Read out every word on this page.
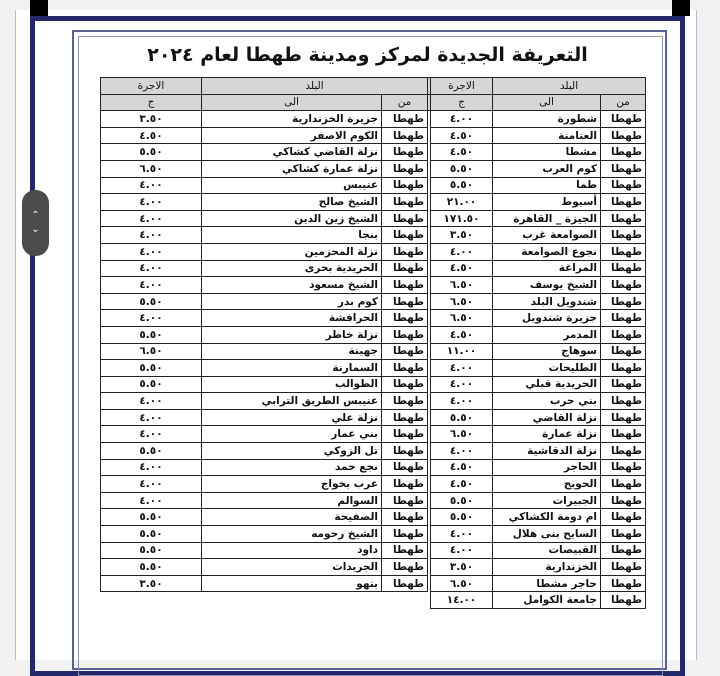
⌃
⌄
التعريفة الجديدة لمركز ومدينة طهطا لعام ٢٠٢٤
البلد		الاجرة		البلد		الاجرة
من	الى	ج		من	الى	ج
طهطا	شطورة	٤.٠٠		طهطا	جزيرة الخزندارية	٣.٥٠
طهطا	العتامنة	٤.٥٠		طهطا	الكوم الاصفر	٤.٥٠
طهطا	مشطا	٤.٥٠		طهطا	نزلة القاضي كشاكي	٥.٥٠
طهطا	كوم العرب	٥.٥٠		طهطا	نزلة عمارة كشاكي	٦.٥٠
طهطا	طما	٥.٥٠		طهطا	عنيبس	٤.٠٠
طهطا	أسيوط	٢١.٠٠		طهطا	الشيخ صالح	٤.٠٠
طهطا	الجيزة _ القاهرة	١٧١.٥٠		طهطا	الشيخ زين الدين	٤.٠٠
طهطا	الصوامعة غرب	٣.٥٠		طهطا	بنجا	٤.٠٠
طهطا	نجوع الصوامعة	٤.٠٠		طهطا	نزلة المحزمين	٤.٠٠
طهطا	المراغة	٤.٥٠		طهطا	الحريدية بحرى	٤.٠٠
طهطا	الشيخ يوسف	٦.٥٠		طهطا	الشيخ مسعود	٤.٠٠
طهطا	شندويل البلد	٦.٥٠		طهطا	كوم بدر	٥.٥٠
طهطا	جزيرة شندويل	٦.٥٠		طهطا	الحرافشة	٤.٠٠
طهطا	المدمر	٤.٥٠		طهطا	نزلة خاطر	٥.٥٠
طهطا	سوهاج	١١.٠٠		طهطا	جهينة	٦.٥٠
طهطا	الطليحات	٤.٠٠		طهطا	السمارنة	٥.٥٠
طهطا	الحريدية قبلي	٤.٠٠		طهطا	الطوالب	٥.٥٠
طهطا	بني حرب	٤.٠٠		طهطا	عنيبس الطريق الترابي	٤.٠٠
طهطا	نزلة القاضي	٥.٥٠		طهطا	نزلة علي	٤.٠٠
طهطا	نزلة عمارة	٦.٥٠		طهطا	بني عمار	٤.٠٠
طهطا	نزلة الدقاشية	٤.٠٠		طهطا	تل الزوكي	٥.٥٠
طهطا	الحاجر	٤.٥٠		طهطا	نجع حمد	٤.٠٠
طهطا	الحويج	٤.٥٠		طهطا	عرب بخواج	٤.٠٠
طهطا	الجبيرات	٥.٥٠		طهطا	السوالم	٤.٠٠
طهطا	ام دومة الكشاكي	٥.٥٠		طهطا	الصفيحة	٥.٥٠
طهطا	السايح بنى هلال	٤.٠٠		طهطا	الشيخ رحومه	٥.٥٠
طهطا	القبيصات	٤.٠٠		طهطا	داود	٥.٥٠
طهطا	الخزندارية	٣.٥٠		طهطا	الجريدات	٥.٥٠
طهطا	حاجر مشطا	٦.٥٠		طهطا	بنهو	٣.٥٠
طهطا	جامعة الكوامل	١٤.٠٠				
